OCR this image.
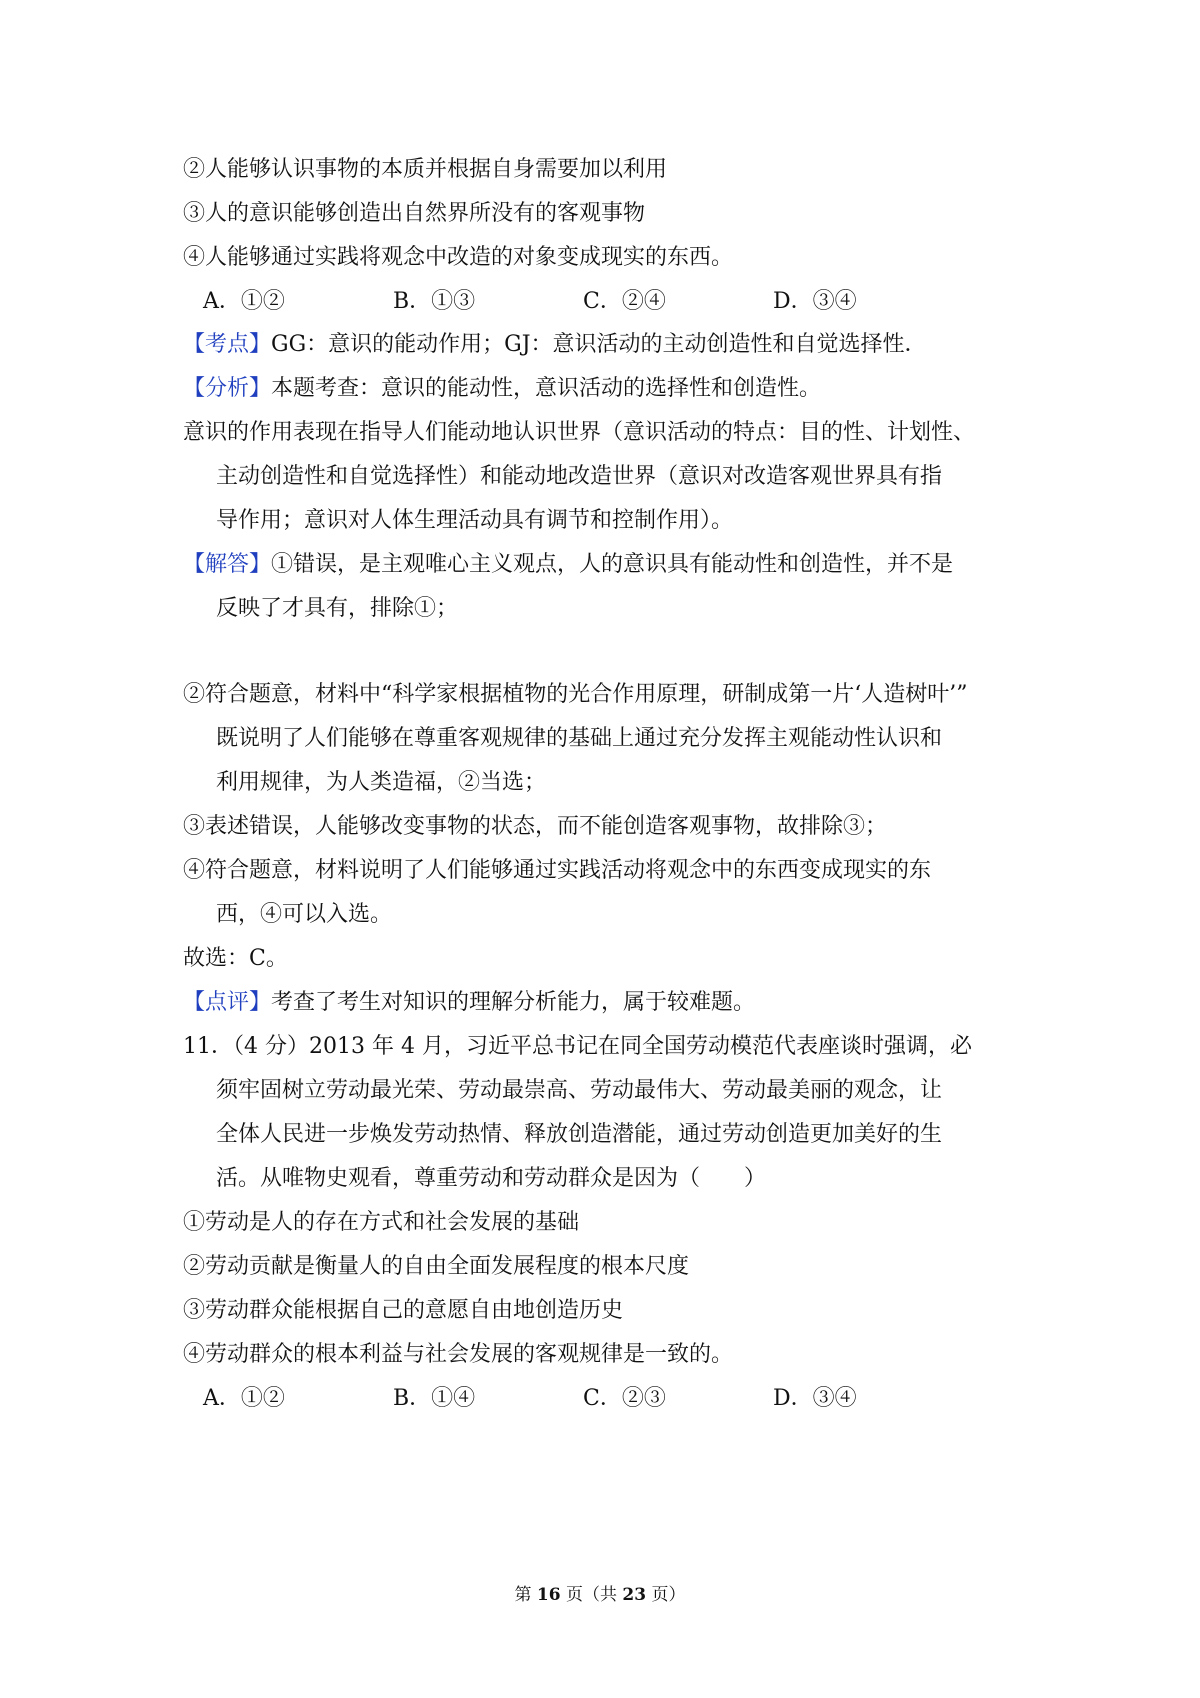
②人能够认识事物的本质并根据自身需要加以利用
③人的意识能够创造出自然界所没有的客观事物
④人能够通过实践将观念中改造的对象变成现实的东西。
A．①②	B．①③	C．②④	D．③④
【考点】GG：意识的能动作用；GJ：意识活动的主动创造性和自觉选择性．
【分析】本题考查：意识的能动性，意识活动的选择性和创造性。
意识的作用表现在指导人们能动地认识世界（意识活动的特点：目的性、计划性、
主动创造性和自觉选择性）和能动地改造世界（意识对改造客观世界具有指
导作用；意识对人体生理活动具有调节和控制作用）。
【解答】①错误，是主观唯心主义观点，人的意识具有能动性和创造性，并不是
反映了才具有，排除①；
②符合题意，材料中“科学家根据植物的光合作用原理，研制成第一片‘人造树叶’”
既说明了人们能够在尊重客观规律的基础上通过充分发挥主观能动性认识和
利用规律，为人类造福，②当选；
③表述错误，人能够改变事物的状态，而不能创造客观事物，故排除③；
④符合题意，材料说明了人们能够通过实践活动将观念中的东西变成现实的东
西，④可以入选。
故选：C。
【点评】考查了考生对知识的理解分析能力，属于较难题。
11．（4 分）2013 年 4 月，习近平总书记在同全国劳动模范代表座谈时强调，必
须牢固树立劳动最光荣、劳动最崇高、劳动最伟大、劳动最美丽的观念，让
全体人民进一步焕发劳动热情、释放创造潜能，通过劳动创造更加美好的生
活。从唯物史观看，尊重劳动和劳动群众是因为（　　）
①劳动是人的存在方式和社会发展的基础
②劳动贡献是衡量人的自由全面发展程度的根本尺度
③劳动群众能根据自己的意愿自由地创造历史
④劳动群众的根本利益与社会发展的客观规律是一致的。
A．①②	B．①④	C．②③	D．③④
第 16 页（共 23 页）
